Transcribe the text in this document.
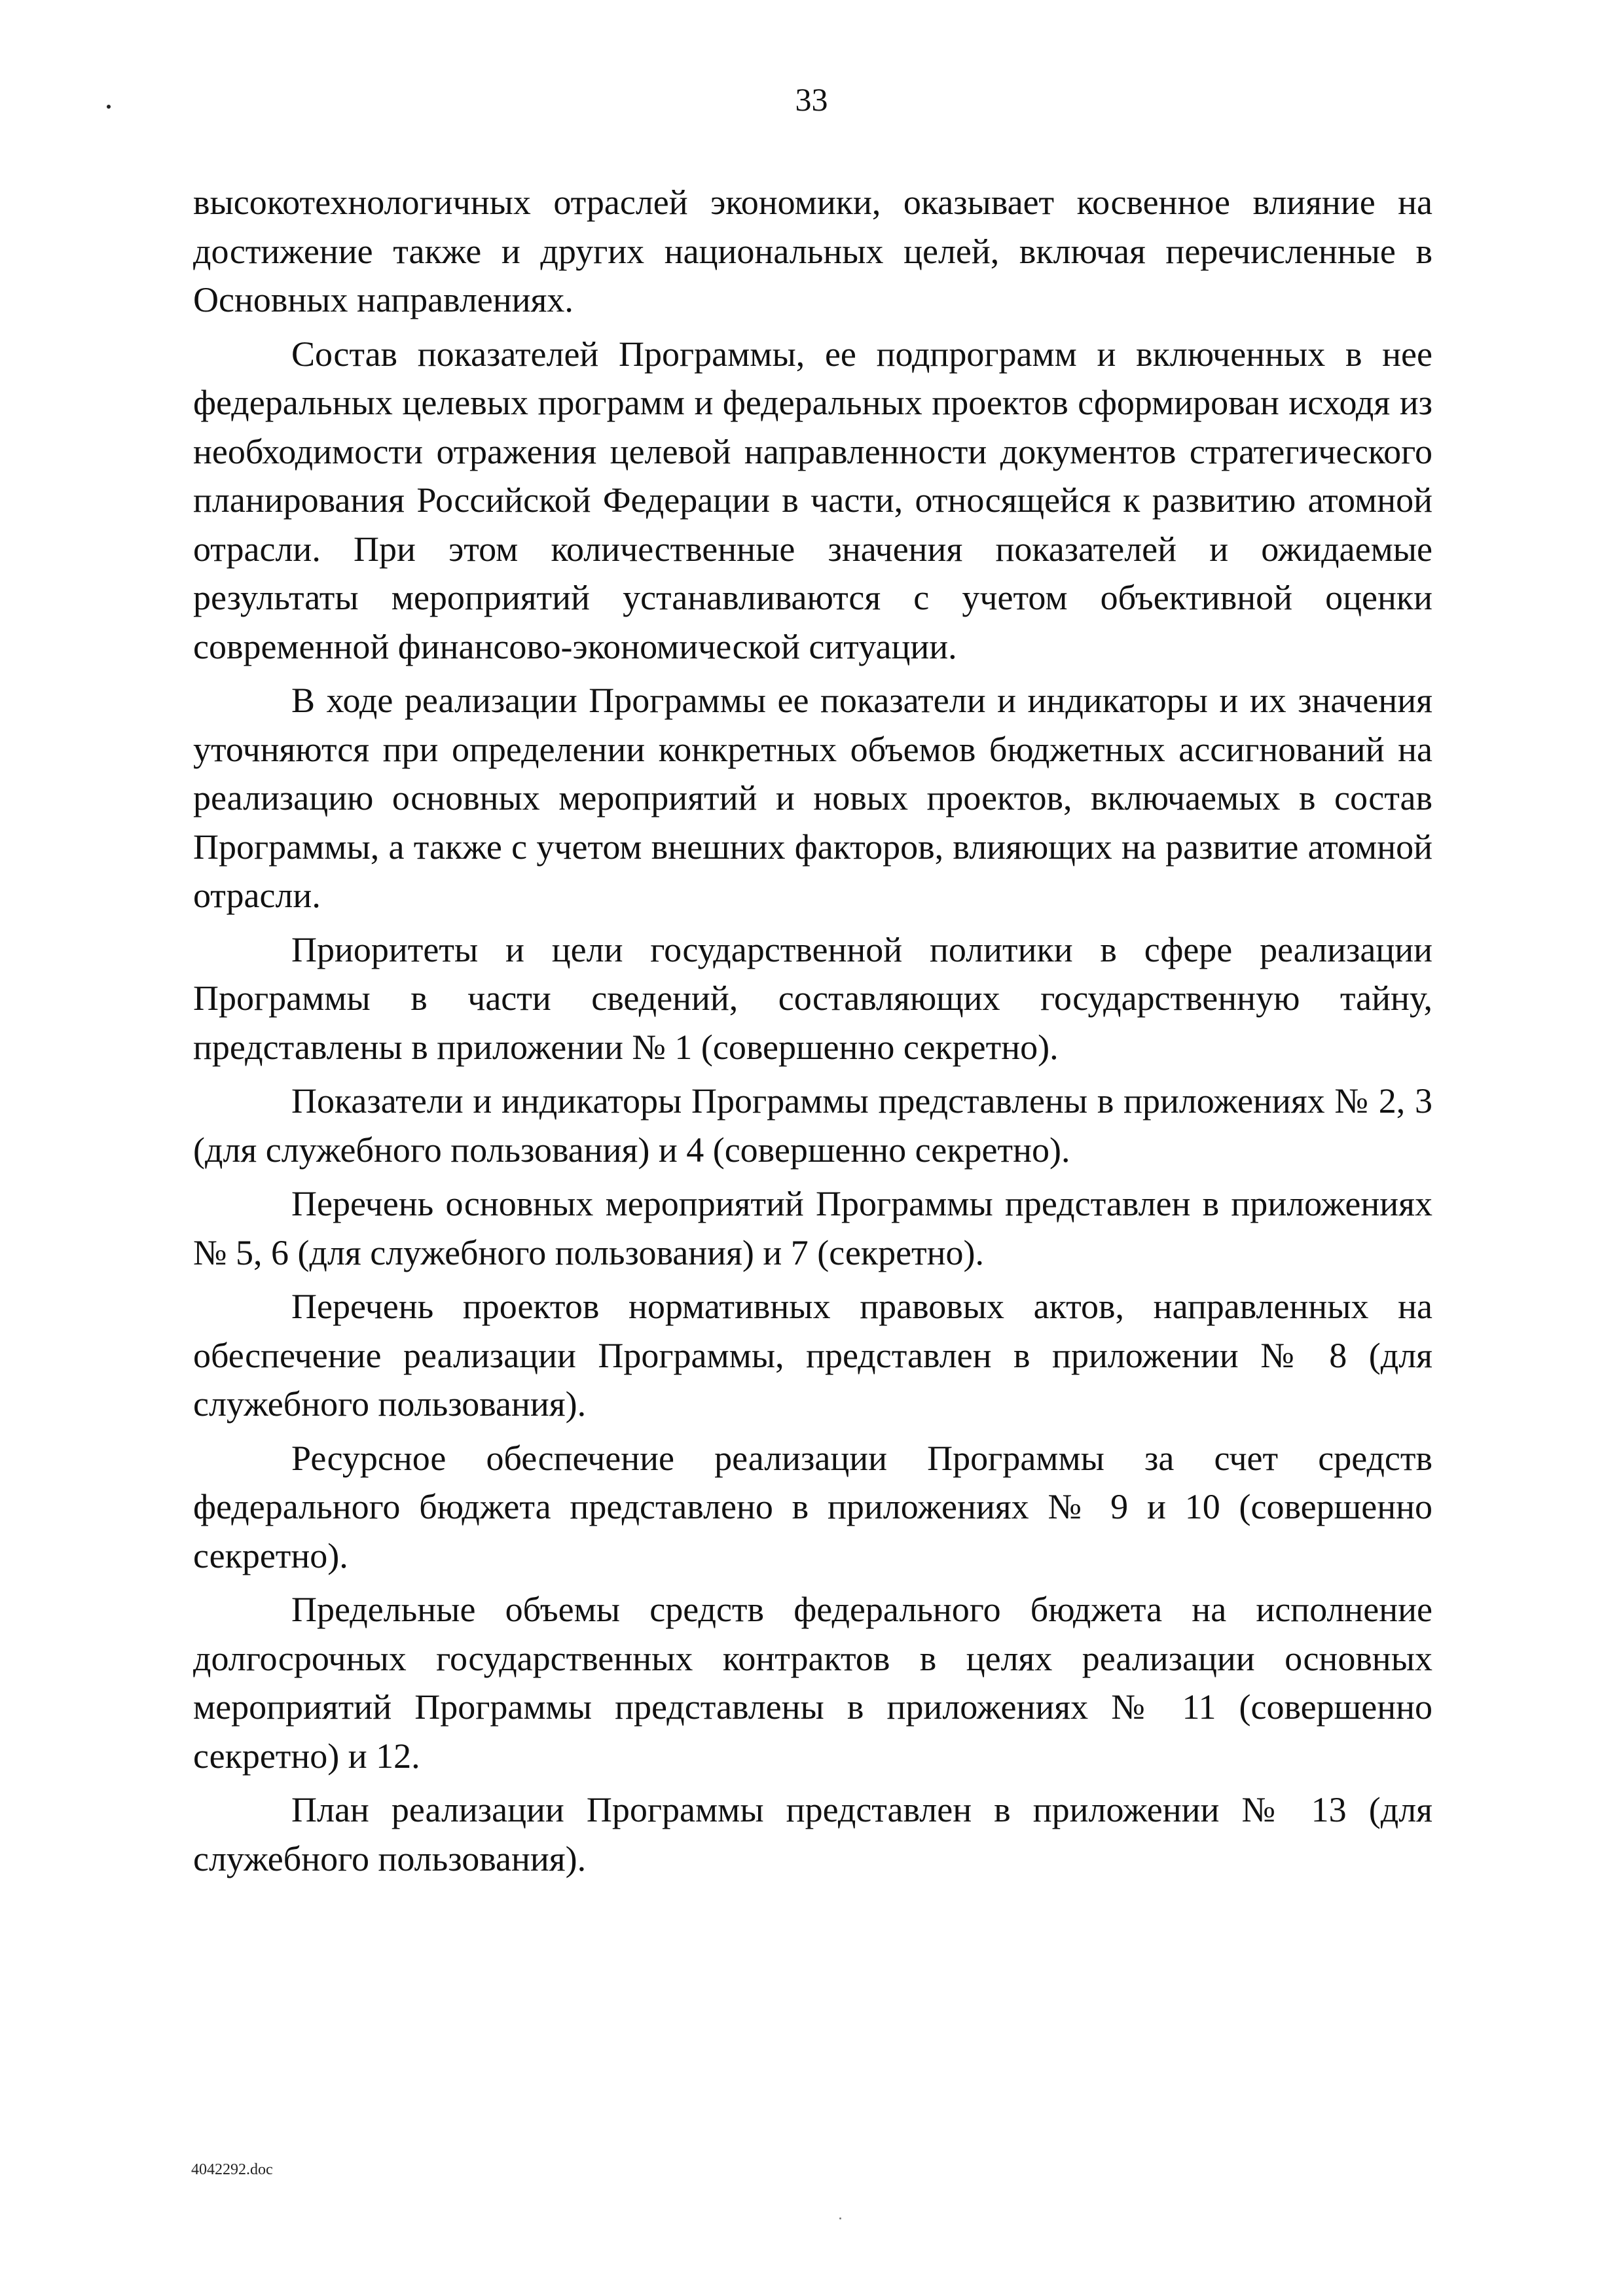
33

высокотехнологичных отраслей экономики, оказывает косвенное влияние на достижение также и других национальных целей, включая перечисленные в Основных направлениях.

Состав показателей Программы, ее подпрограмм и включенных в нее федеральных целевых программ и федеральных проектов сформирован исходя из необходимости отражения целевой направленности документов стратегического планирования Российской Федерации в части, относящейся к развитию атомной отрасли. При этом количественные значения показателей и ожидаемые результаты мероприятий устанавливаются с учетом объективной оценки современной финансово-экономической ситуации.

В ходе реализации Программы ее показатели и индикаторы и их значения уточняются при определении конкретных объемов бюджетных ассигнований на реализацию основных мероприятий и новых проектов, включаемых в состав Программы, а также с учетом внешних факторов, влияющих на развитие атомной отрасли.

Приоритеты и цели государственной политики в сфере реализации Программы в части сведений, составляющих государственную тайну, представлены в приложении № 1 (совершенно секретно).

Показатели и индикаторы Программы представлены в приложениях № 2, 3 (для служебного пользования) и 4 (совершенно секретно).

Перечень основных мероприятий Программы представлен в приложениях № 5, 6 (для служебного пользования) и 7 (секретно).

Перечень проектов нормативных правовых актов, направленных на обеспечение реализации Программы, представлен в приложении № 8 (для служебного пользования).

Ресурсное обеспечение реализации Программы за счет средств федерального бюджета представлено в приложениях № 9 и 10 (совершенно секретно).

Предельные объемы средств федерального бюджета на исполнение долгосрочных государственных контрактов в целях реализации основных мероприятий Программы представлены в приложениях № 11 (совершенно секретно) и 12.

План реализации Программы представлен в приложении № 13 (для служебного пользования).

4042292.doc
